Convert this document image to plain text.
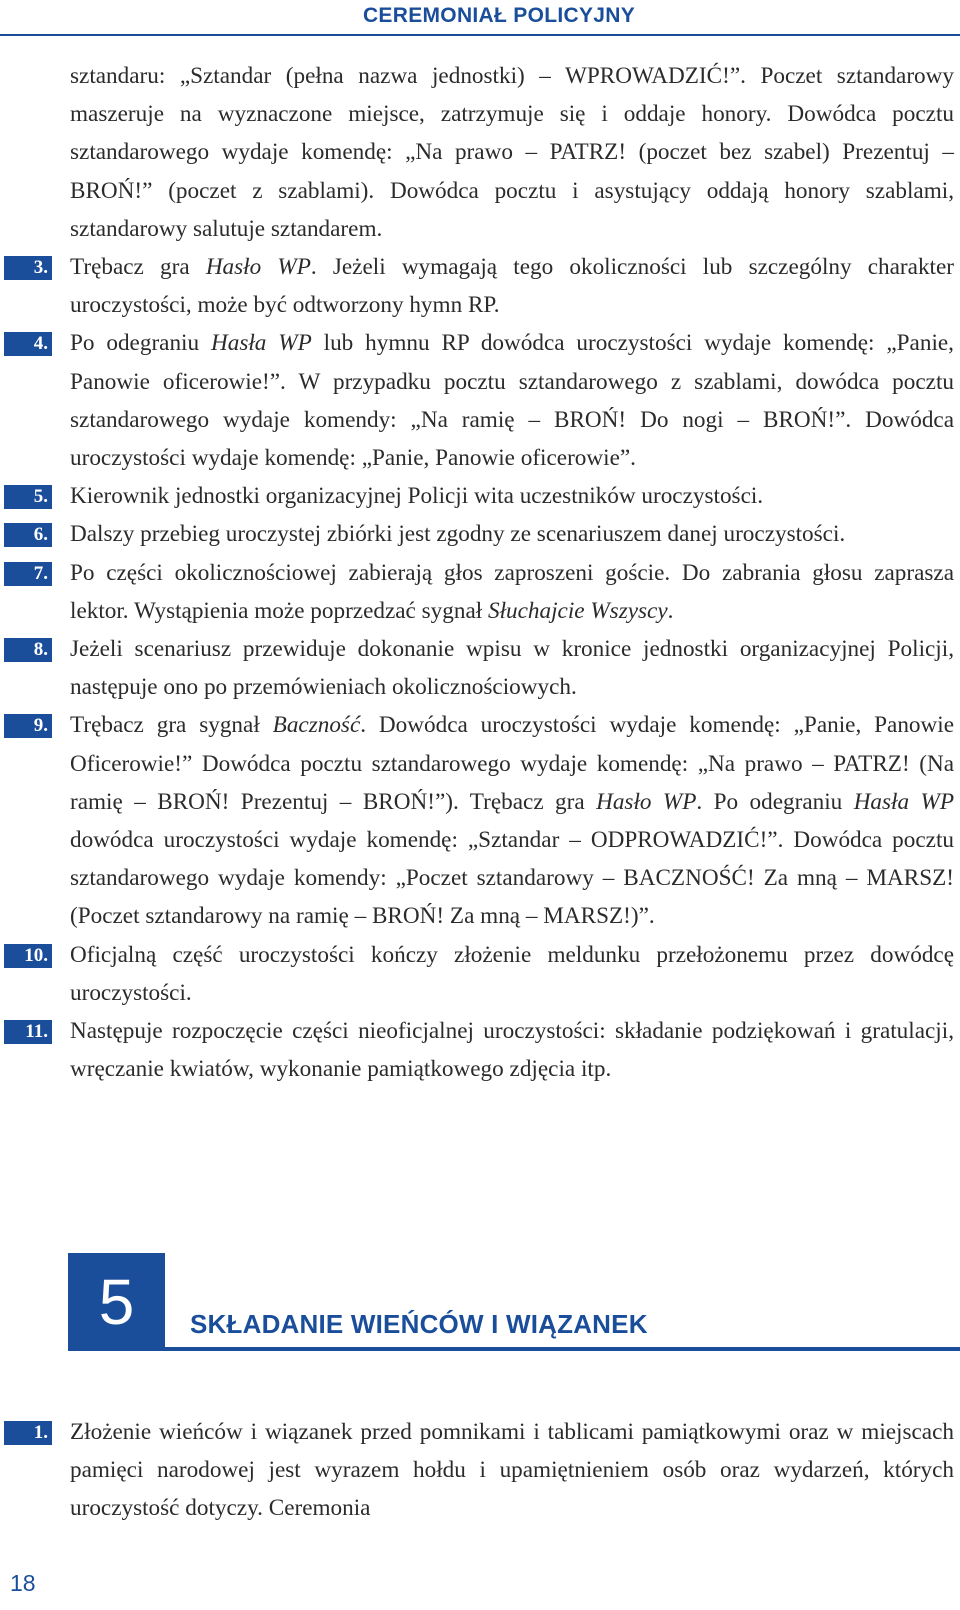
CEREMONIAŁ POLICYJNY
sztandaru: „Sztandar (pełna nazwa jednostki) – WPROWADZIĆ!”. Poczet sztandarowy maszeruje na wyznaczone miejsce, zatrzymuje się i oddaje honory. Dowódca pocztu sztandarowego wydaje komendę: „Na prawo – PATRZ! (poczet bez szabel) Prezentuj – BROŃ!” (poczet z szablami). Dowódca pocztu i asystujący oddają honory szablami, sztandarowy salutuje sztandarem.
3. Trębacz gra Hasło WP. Jeżeli wymagają tego okoliczności lub szczególny charakter uroczystości, może być odtworzony hymn RP.
4. Po odegraniu Hasła WP lub hymnu RP dowódca uroczystości wydaje komendę: „Panie, Panowie oficerowie!”. W przypadku pocztu sztandarowego z szablami, dowódca pocztu sztandarowego wydaje komendy: „Na ramię – BROŃ! Do nogi – BROŃ!”. Dowódca uroczystości wydaje komendę: „Panie, Panowie oficerowie”.
5. Kierownik jednostki organizacyjnej Policji wita uczestników uroczystości.
6. Dalszy przebieg uroczystej zbiórki jest zgodny ze scenariuszem danej uroczystości.
7. Po części okolicznościowej zabierają głos zaproszeni goście. Do zabrania głosu zaprasza lektor. Wystąpienia może poprzedzać sygnał Słuchajcie Wszyscy.
8. Jeżeli scenariusz przewiduje dokonanie wpisu w kronice jednostki organizacyjnej Policji, następuje ono po przemówieniach okolicznościowych.
9. Trębacz gra sygnał Baczność. Dowódca uroczystości wydaje komendę: „Panie, Panowie Oficerowie!” Dowódca pocztu sztandarowego wydaje komendę: „Na prawo – PATRZ! (Na ramię – BROŃ! Prezentuj – BROŃ!”). Trębacz gra Hasło WP. Po odegraniu Hasła WP dowódca uroczystości wydaje komendę: „Sztandar – ODPROWADZIĆ!”. Dowódca pocztu sztandarowego wydaje komendy: „Poczet sztandarowy – BACZNOŚĆ! Za mną – MARSZ! (Poczet sztandarowy na ramię – BROŃ! Za mną – MARSZ!)”.
10. Oficjalną część uroczystości kończy złożenie meldunku przełożonemu przez dowódcę uroczystości.
11. Następuje rozpoczęcie części nieoficjalnej uroczystości: składanie podziękowań i gratulacji, wręczanie kwiatów, wykonanie pamiątkowego zdjęcia itp.
5	SKŁADANIE WIEŃCÓW I WIĄZANEK
1. Złożenie wieńców i wiązanek przed pomnikami i tablicami pamiątkowymi oraz w miejscach pamięci narodowej jest wyrazem hołdu i upamiętnieniem osób oraz wydarzeń, których uroczystość dotyczy. Ceremonia
18
